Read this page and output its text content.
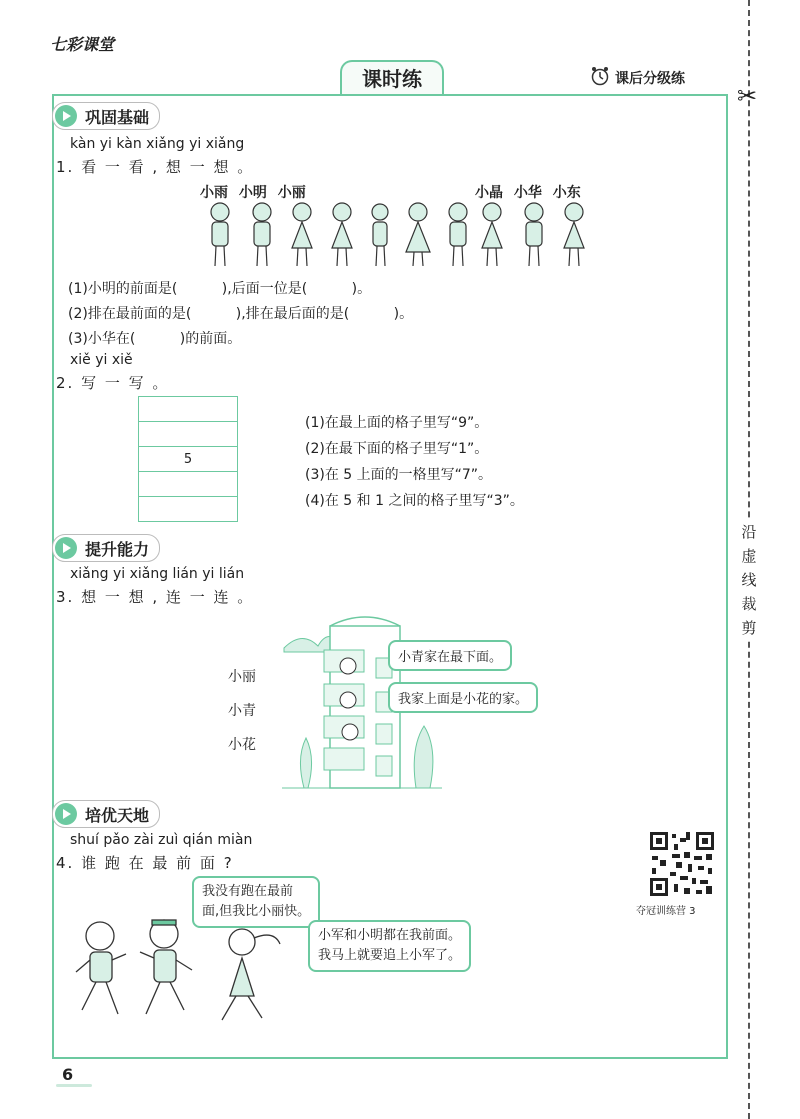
七彩课堂
课时练	课后分级练
✂
沿虚线裁剪
巩固基础
kàn yi kàn xiǎng yi xiǎng
1. 看 一 看 , 想 一 想 。
小雨 小明 小丽	小晶 小华 小东
(1)小明的前面是(          ),后面一位是(          )。
(2)排在最前面的是(          ),排在最后面的是(          )。
(3)小华在(          )的前面。
xiě yi xiě
2. 写 一 写 。
5
(1)在最上面的格子里写“9”。
(2)在最下面的格子里写“1”。
(3)在 5 上面的一格里写“7”。
(4)在 5 和 1 之间的格子里写“3”。
提升能力
xiǎng yi xiǎng lián yi lián
3. 想 一 想 , 连 一 连 。
小丽
小青
小花
小青家在最下面。
我家上面是小花的家。
培优天地
shuí pǎo zài zuì qián miàn
4. 谁 跑 在 最 前 面 ?
我没有跑在最前
面,但我比小丽快。
小军和小明都在我前面。
我马上就要追上小军了。
夺冠训练营 3
6
